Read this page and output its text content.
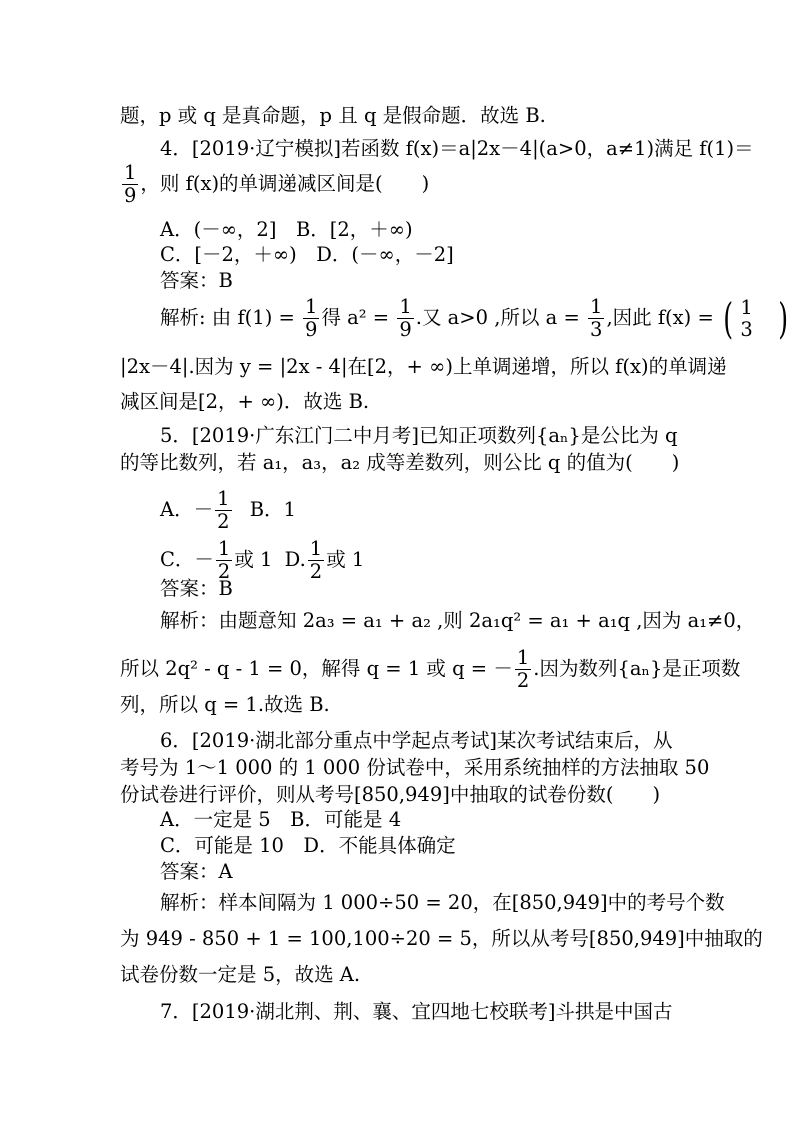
题，p 或 q 是真命题，p 且 q 是假命题．故选 B.
4．[2019·辽宁模拟]若函数 f(x)＝a|2x－4|(a>0，a≠1)满足 f(1)＝
$\frac{1}{9}$ ，则 f(x)的单调递减区间是(　　)
A．(－∞，2]　B．[2，＋∞)
C．[－2，＋∞)　D．(－∞，－2]
答案：B
解析: 由 $f(1) = \frac{1}{9}$ 得 $a^2 = \frac{1}{9}$ .又 a>0 ,所以 $a = \frac{1}{3}$ ,因此 f(x) = ( 1
3 )
|2x－4|.因为 y = |2x - 4|在[2，+ ∞)上单调递增，所以 f(x)的单调递
减区间是[2，+ ∞)．故选 B.
5．[2019·广东江门二中月考]已知正项数列{aₙ}是公比为 q
的等比数列，若 a₁，a₃，a₂ 成等差数列，则公比 q 的值为(　　)
A．－ $\frac{1}{2}$ B．1
C．－ $\frac{1}{2}$ 或 1 D. $\frac{1}{2}$ 或 1
答案：B
解析：由题意知 2a₃ = a₁ + a₂ ,则 2a₁q² = a₁ + a₁q ,因为 a₁≠0，
所以 2q² - q - 1 = 0，解得 q = 1 或 q = － $\frac{1}{2}$ .因为数列{aₙ}是正项数
列，所以 q = 1.故选 B.
6．[2019·湖北部分重点中学起点考试]某次考试结束后，从
考号为 1～1 000 的 1 000 份试卷中，采用系统抽样的方法抽取 50
份试卷进行评价，则从考号[850,949]中抽取的试卷份数(　　)
A．一定是 5　B．可能是 4
C．可能是 10　D．不能具体确定
答案：A
解析：样本间隔为 1 000÷50 = 20，在[850,949]中的考号个数
为 949 - 850 + 1 = 100,100÷20 = 5，所以从考号[850,949]中抽取的
试卷份数一定是 5，故选 A.
7．[2019·湖北荆、荆、襄、宜四地七校联考]斗拱是中国古
